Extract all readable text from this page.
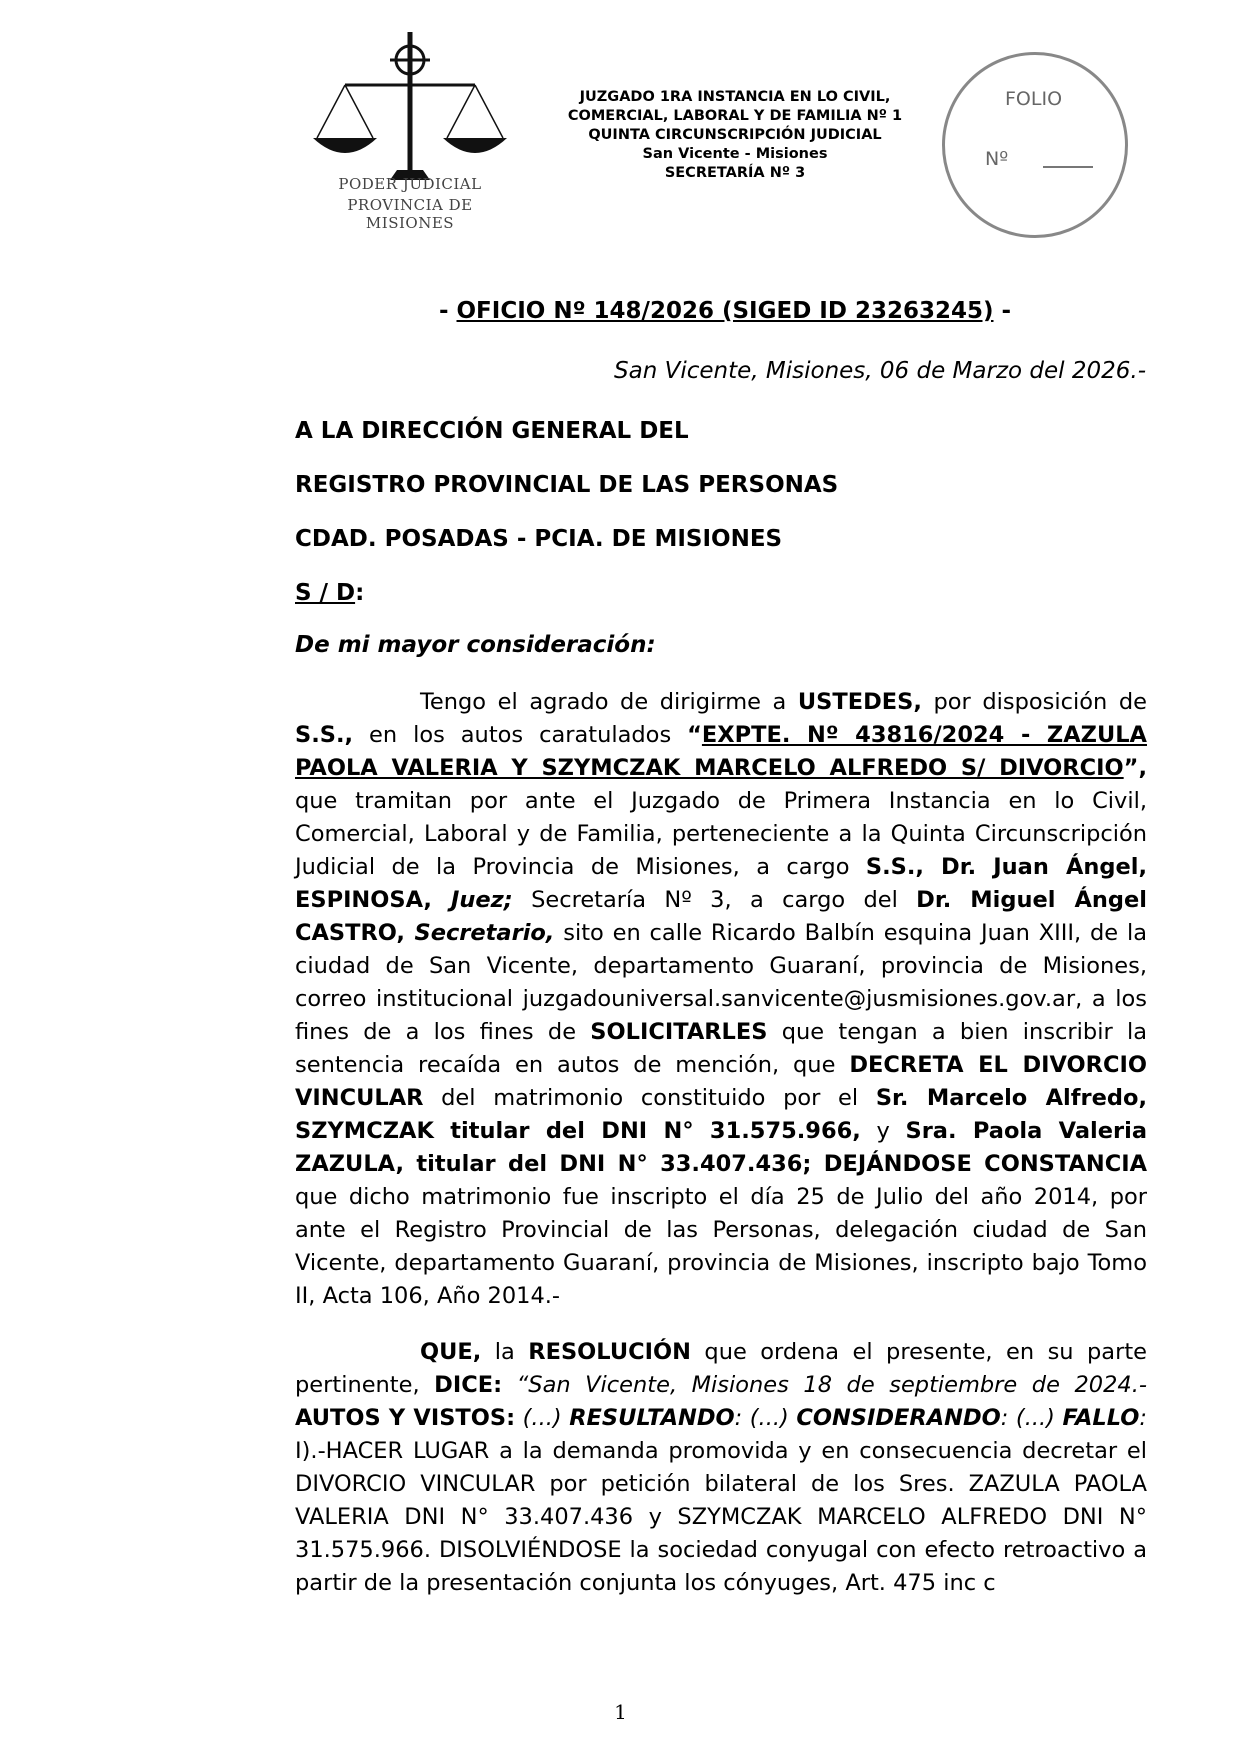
PODER JUDICIAL
PROVINCIA DE MISIONES
JUZGADO 1RA INSTANCIA EN LO CIVIL,
COMERCIAL, LABORAL Y DE FAMILIA Nº 1
QUINTA CIRCUNSCRIPCIÓN JUDICIAL
San Vicente - Misiones
SECRETARÍA Nº 3
FOLIO
Nº
- OFICIO Nº 148/2026 (SIGED ID 23263245) -
San Vicente, Misiones, 06 de Marzo del 2026.-
A LA DIRECCIÓN GENERAL DEL
REGISTRO PROVINCIAL DE LAS PERSONAS
CDAD. POSADAS - PCIA. DE MISIONES
S / D:
De mi mayor consideración:
Tengo el agrado de dirigirme a USTEDES, por disposición de S.S., en los autos caratulados “EXPTE. Nº 43816/2024 - ZAZULA PAOLA VALERIA Y SZYMCZAK MARCELO ALFREDO S/ DIVORCIO”, que tramitan por ante el Juzgado de Primera Instancia en lo Civil, Comercial, Laboral y de Familia, perteneciente a la Quinta Circunscripción Judicial de la Provincia de Misiones, a cargo S.S., Dr. Juan Ángel, ESPINOSA, Juez; Secretaría Nº 3, a cargo del Dr. Miguel Ángel CASTRO, Secretario, sito en calle Ricardo Balbín esquina Juan XIII, de la ciudad de San Vicente, departamento Guaraní, provincia de Misiones, correo institucional juzgadouniversal.sanvicente@jusmisiones.gov.ar, a los fines de a los fines de SOLICITARLES que tengan a bien inscribir la sentencia recaída en autos de mención, que DECRETA EL DIVORCIO VINCULAR del matrimonio constituido por el Sr. Marcelo Alfredo, SZYMCZAK titular del DNI N° 31.575.966, y Sra. Paola Valeria ZAZULA, titular del DNI N° 33.407.436; DEJÁNDOSE CONSTANCIA que dicho matrimonio fue inscripto el día 25 de Julio del año 2014, por ante el Registro Provincial de las Personas, delegación ciudad de San Vicente, departamento Guaraní, provincia de Misiones, inscripto bajo Tomo II, Acta 106, Año 2014.-
QUE, la RESOLUCIÓN que ordena el presente, en su parte pertinente, DICE: “San Vicente, Misiones 18 de septiembre de 2024.- AUTOS Y VISTOS: (...) RESULTANDO: (...) CONSIDERANDO: (...) FALLO: I).-HACER LUGAR a la demanda promovida y en consecuencia decretar el DIVORCIO VINCULAR por petición bilateral de los Sres. ZAZULA PAOLA VALERIA DNI N° 33.407.436 y SZYMCZAK MARCELO ALFREDO DNI N° 31.575.966. DISOLVIÉNDOSE la sociedad conyugal con efecto retroactivo a partir de la presentación conjunta los cónyuges, Art. 475 inc c
1
